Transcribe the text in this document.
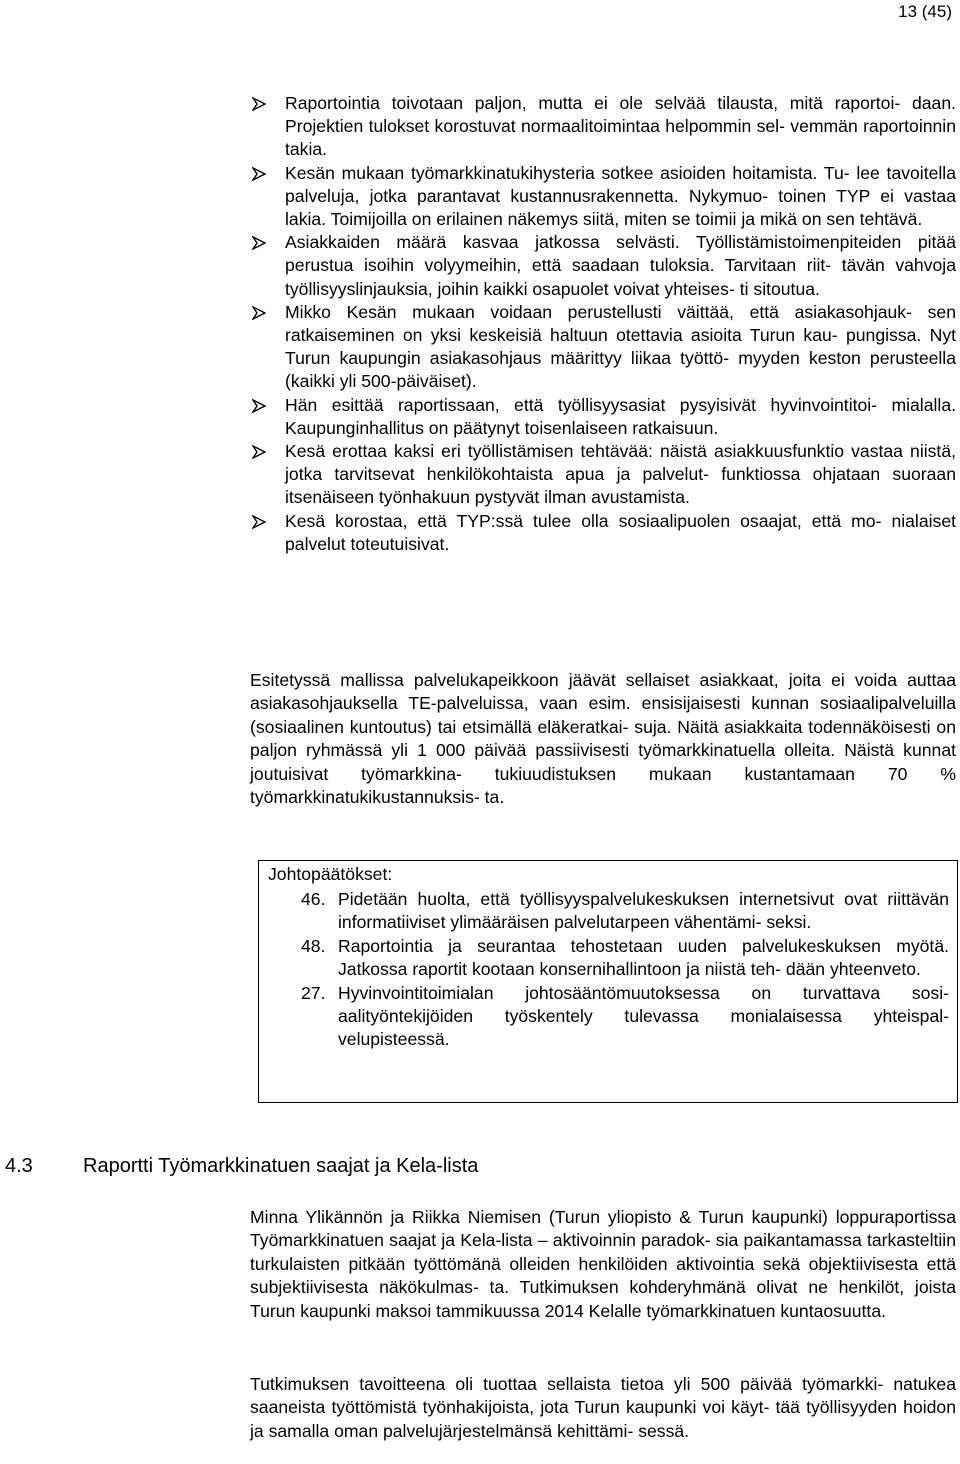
13 (45)
Raportointia toivotaan paljon, mutta ei ole selvää tilausta, mitä raportoi- daan. Projektien tulokset korostuvat normaalitoimintaa helpommin sel- vemmän raportoinnin takia.
Kesän mukaan työmarkkinatukihysteria sotkee asioiden hoitamista. Tu- lee tavoitella palveluja, jotka parantavat kustannusrakennetta. Nykymuo- toinen TYP ei vastaa lakia. Toimijoilla on erilainen näkemys siitä, miten se toimii ja mikä on sen tehtävä.
Asiakkaiden määrä kasvaa jatkossa selvästi. Työllistämistoimenpiteiden pitää perustua isoihin volyymeihin, että saadaan tuloksia. Tarvitaan riit- tävän vahvoja työllisyyslinjauksia, joihin kaikki osapuolet voivat yhteises- ti sitoutua.
Mikko Kesän mukaan voidaan perustellusti väittää, että asiakasohjauk- sen ratkaiseminen on yksi keskeisiä haltuun otettavia asioita Turun kau- pungissa. Nyt Turun kaupungin asiakasohjaus määrittyy liikaa työttö- myyden keston perusteella (kaikki yli 500-päiväiset).
Hän esittää raportissaan, että työllisyysasiat pysyisivät hyvinvointitoi- mialalla. Kaupunginhallitus on päätynyt toisenlaiseen ratkaisuun.
Kesä erottaa kaksi eri työllistämisen tehtävää: näistä asiakkuusfunktio vastaa niistä, jotka tarvitsevat henkilökohtaista apua ja palvelut- funktiossa ohjataan suoraan itsenäiseen työnhakuun pystyvät ilman avustamista.
Kesä korostaa, että TYP:ssä tulee olla sosiaalipuolen osaajat, että mo- nialaiset palvelut toteutuisivat.

Esitetyssä mallissa palvelukapeikkoon jäävät sellaiset asiakkaat, joita ei voida auttaa asiakasohjauksella TE-palveluissa, vaan esim. ensisijaisesti kunnan sosiaalipalveluilla (sosiaalinen kuntoutus) tai etsimällä eläkeratkai- suja. Näitä asiakkaita todennäköisesti on paljon ryhmässä yli 1 000 päivää passiivisesti työmarkkinatuella olleita. Näistä kunnat joutuisivat työmarkkina- tukiuudistuksen mukaan kustantamaan 70 % työmarkkinatukikustannuksis- ta.

Johtopäätökset:
46. Pidetään huolta, että työllisyyspalvelukeskuksen internetsivut ovat riittävän informatiiviset ylimääräisen palvelutarpeen vähentämi- seksi.
48. Raportointia ja seurantaa tehostetaan uuden palvelukeskuksen myötä. Jatkossa raportit kootaan konsernihallintoon ja niistä teh- dään yhteenveto.
27. Hyvinvointitoimialan johtosääntömuutoksessa on turvattava sosi- aalityöntekijöiden työskentely tulevassa monialaisessa yhteispal- velupisteessä.
4.3	Raportti Työmarkkinatuen saajat ja Kela-lista

Minna Ylikännön ja Riikka Niemisen (Turun yliopisto & Turun kaupunki) loppuraportissa Työmarkkinatuen saajat ja Kela-lista – aktivoinnin paradok- sia paikantamassa tarkasteltiin turkulaisten pitkään työttömänä olleiden henkilöiden aktivointia sekä objektiivisesta että subjektiivisesta näkökulmas- ta. Tutkimuksen kohderyhmänä olivat ne henkilöt, joista Turun kaupunki maksoi tammikuussa 2014 Kelalle työmarkkinatuen kuntaosuutta.

Tutkimuksen tavoitteena oli tuottaa sellaista tietoa yli 500 päivää työmarkki- natukea saaneista työttömistä työnhakijoista, jota Turun kaupunki voi käyt- tää työllisyyden hoidon ja samalla oman palvelujärjestelmänsä kehittämi- sessä.
